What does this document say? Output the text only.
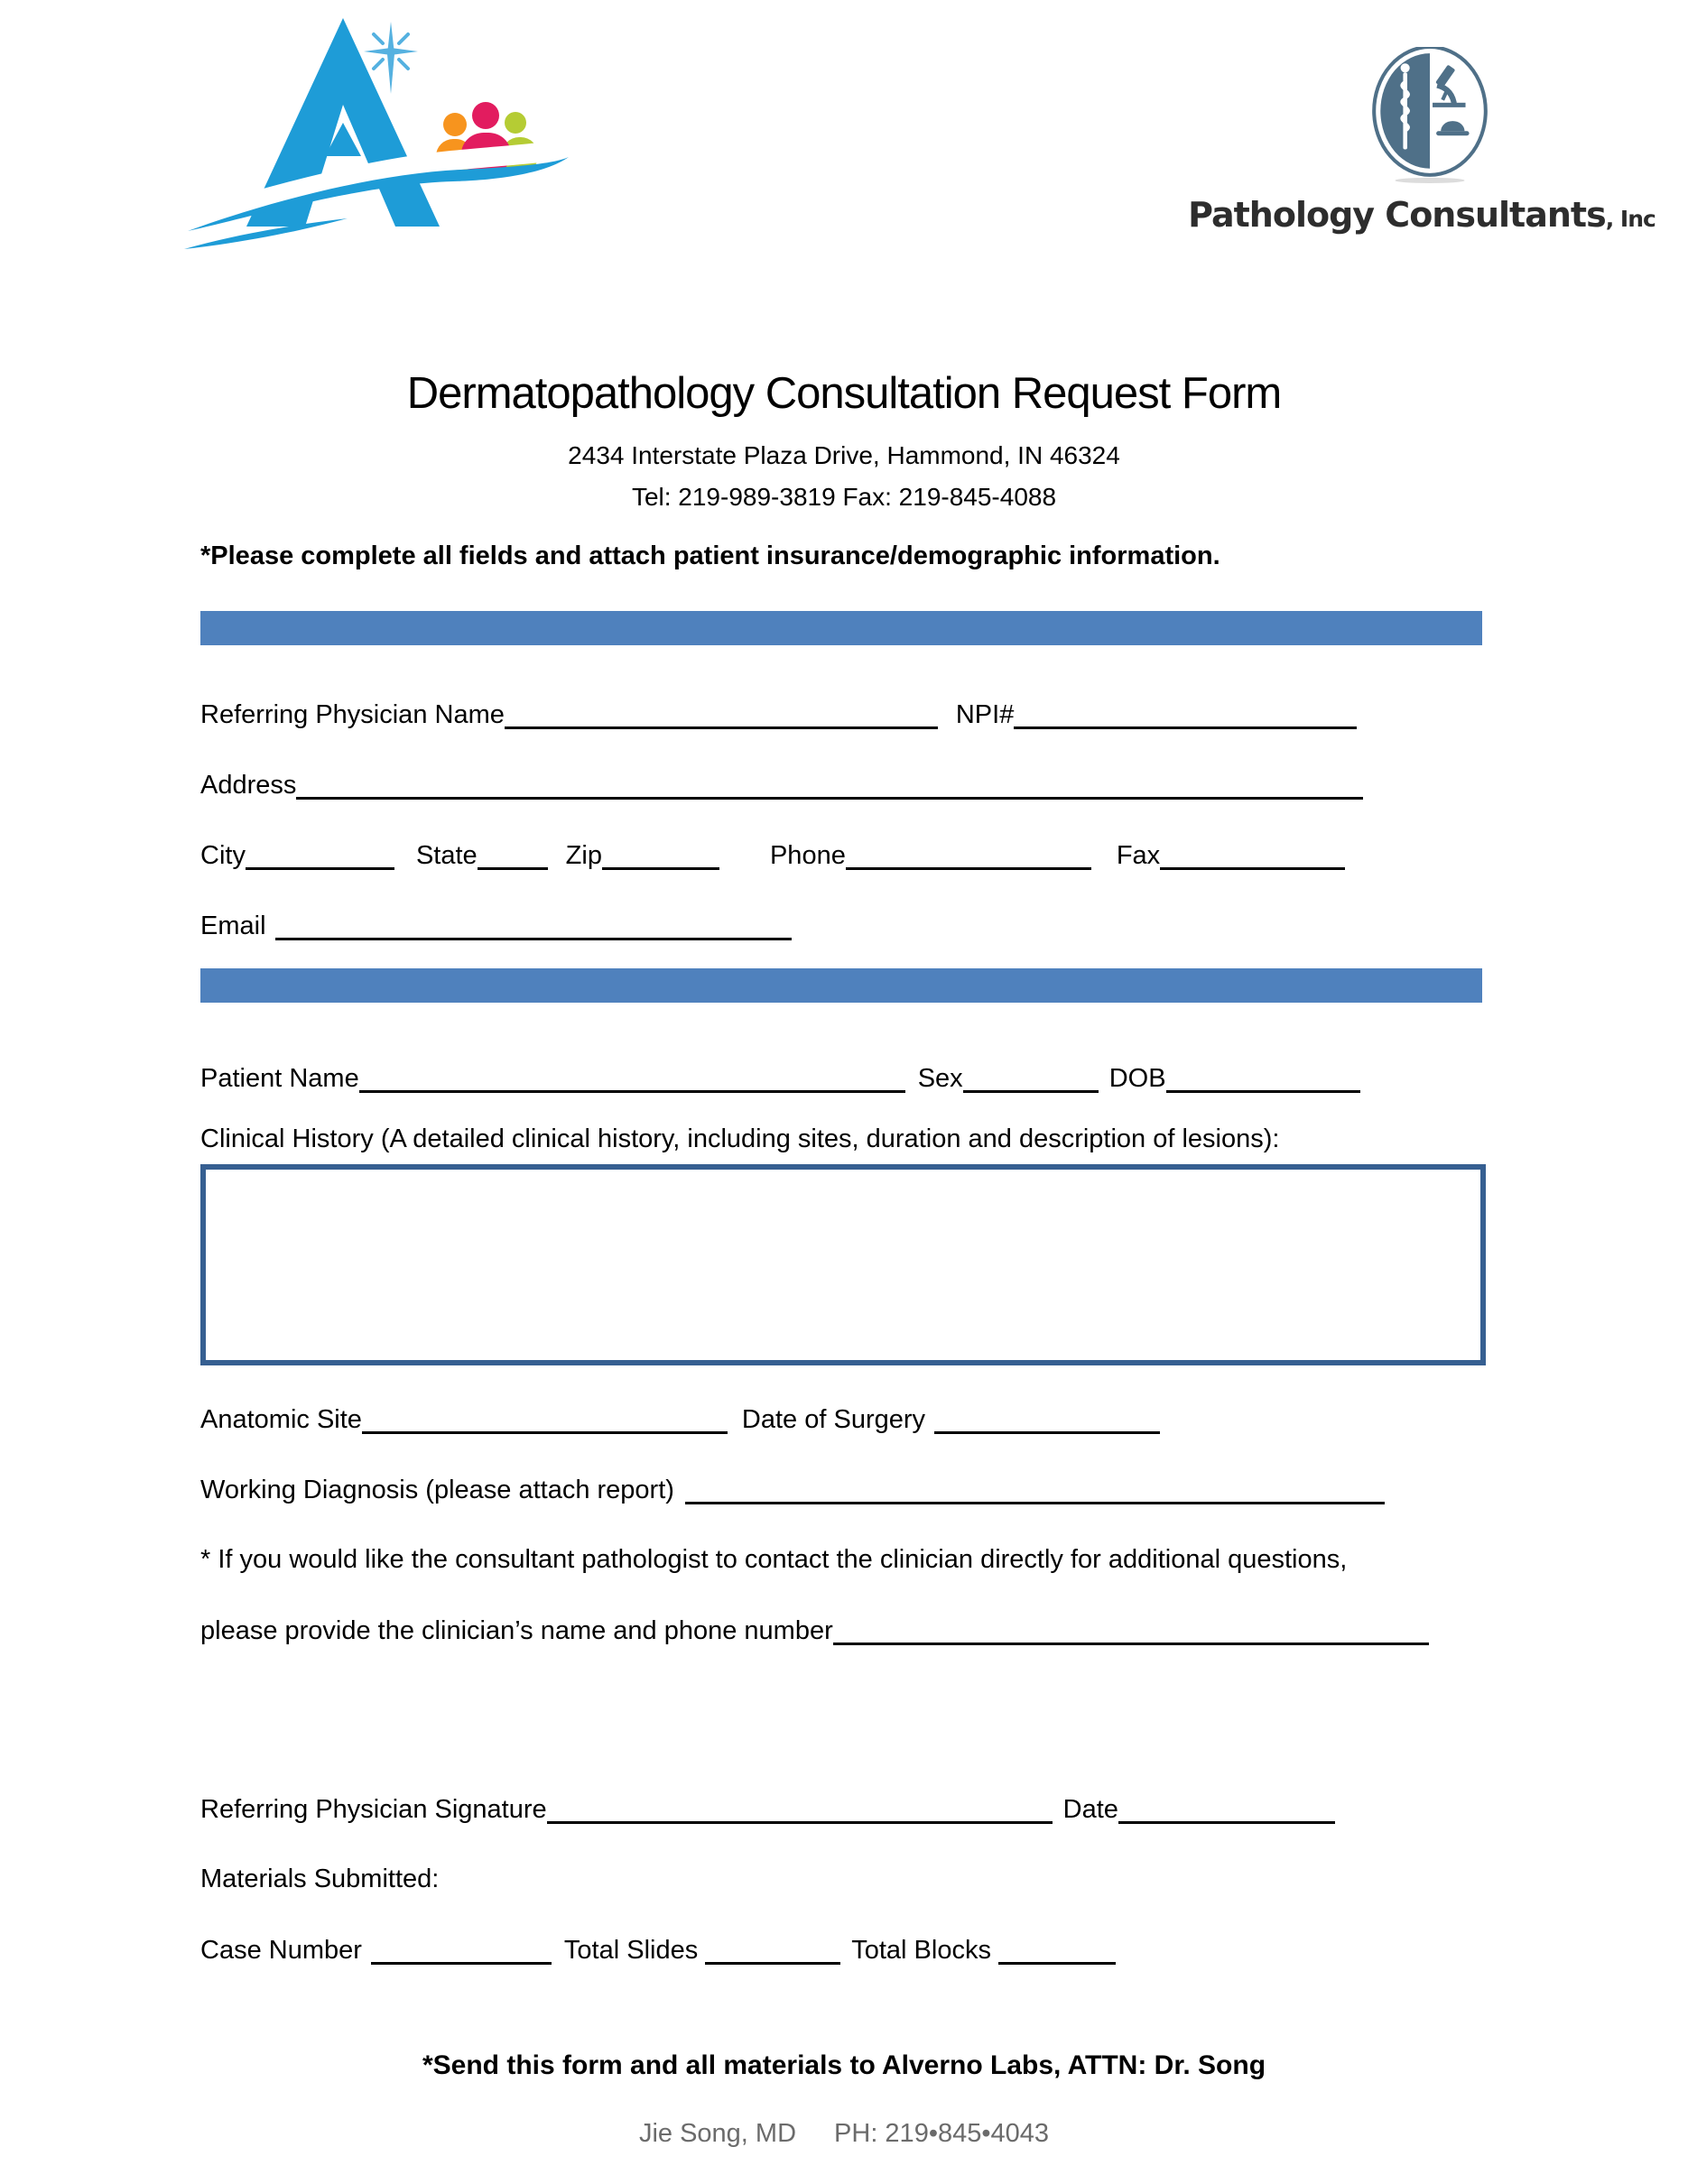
Pathology Consultants, Inc
Dermatopathology Consultation Request Form
2434 Interstate Plaza Drive, Hammond, IN 46324
Tel: 219-989-3819 Fax: 219-845-4088
*Please complete all fields and attach patient insurance/demographic information.
Referring Physician Name	NPI#
Address
City	State	Zip	Phone	Fax
Email
Patient Name	Sex	DOB
Clinical History (A detailed clinical history, including sites, duration and description of lesions):
Anatomic Site	Date of Surgery
Working Diagnosis (please attach report)
* If you would like the consultant pathologist to contact the clinician directly for additional questions,
please provide the clinician’s name and phone number
Referring Physician Signature	Date
Materials Submitted:
Case Number	Total Slides	Total Blocks
*Send this form and all materials to Alverno Labs, ATTN: Dr. Song
Jie Song, MD PH: 219•845•4043
